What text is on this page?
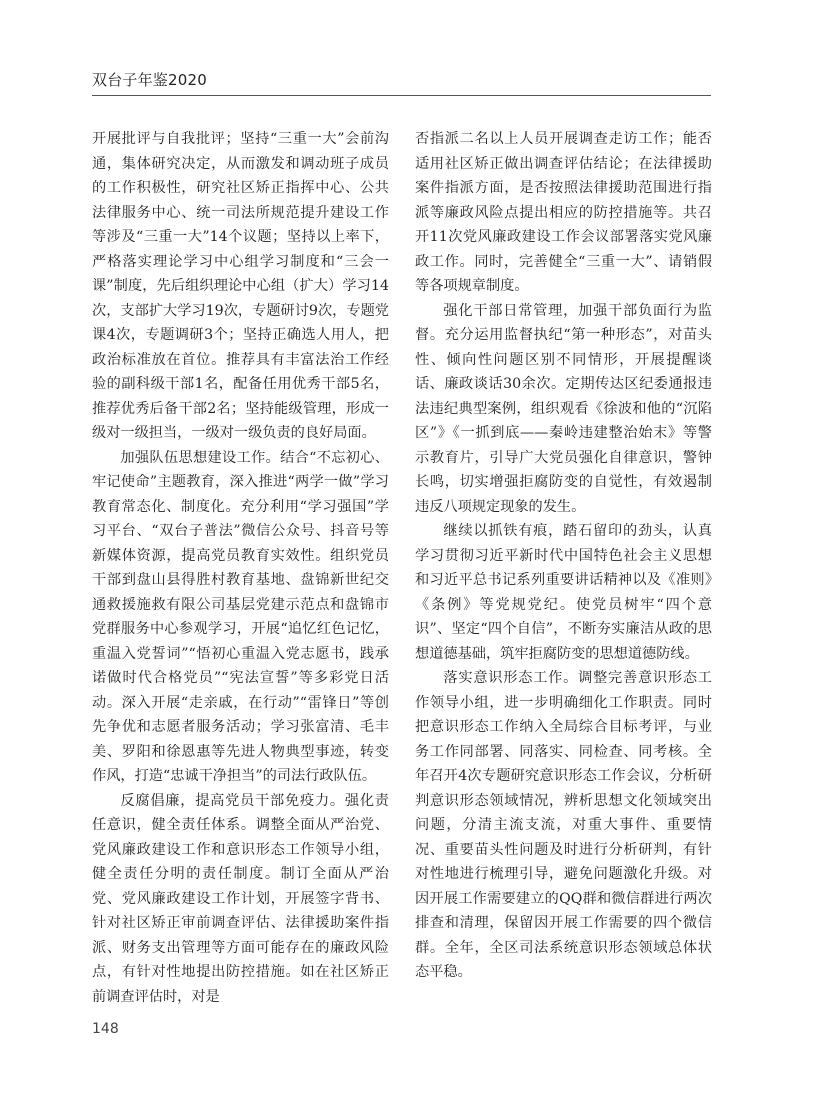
双台子年鉴2020

开展批评与自我批评；坚持“三重一大”会前沟通，集体研究决定，从而激发和调动班子成员的工作积极性，研究社区矫正指挥中心、公共法律服务中心、统一司法所规范提升建设工作等涉及“三重一大”14个议题；坚持以上率下，严格落实理论学习中心组学习制度和“三会一课”制度，先后组织理论中心组（扩大）学习14次，支部扩大学习19次，专题研讨9次，专题党课4次，专题调研3个；坚持正确选人用人，把政治标准放在首位。推荐具有丰富法治工作经验的副科级干部1名，配备任用优秀干部5名，推荐优秀后备干部2名；坚持能级管理，形成一级对一级担当，一级对一级负责的良好局面。

加强队伍思想建设工作。结合“不忘初心、牢记使命”主题教育，深入推进“两学一做”学习教育常态化、制度化。充分利用“学习强国”学习平台、“双台子普法”微信公众号、抖音号等新媒体资源，提高党员教育实效性。组织党员干部到盘山县得胜村教育基地、盘锦新世纪交通救援施救有限公司基层党建示范点和盘锦市党群服务中心参观学习，开展“追忆红色记忆，重温入党誓词”“悟初心重温入党志愿书，践承诺做时代合格党员”“宪法宣誓”等多彩党日活动。深入开展“走亲戚，在行动”“雷锋日”等创先争优和志愿者服务活动；学习张富清、毛丰美、罗阳和徐恩惠等先进人物典型事迹，转变作风，打造“忠诚干净担当”的司法行政队伍。

反腐倡廉，提高党员干部免疫力。强化责任意识，健全责任体系。调整全面从严治党、党风廉政建设工作和意识形态工作领导小组，健全责任分明的责任制度。制订全面从严治党、党风廉政建设工作计划，开展签字背书、针对社区矫正审前调查评估、法律援助案件指派、财务支出管理等方面可能存在的廉政风险点，有针对性地提出防控措施。如在社区矫正前调查评估时，对是

否指派二名以上人员开展调查走访工作；能否适用社区矫正做出调查评估结论；在法律援助案件指派方面，是否按照法律援助范围进行指派等廉政风险点提出相应的防控措施等。共召开11次党风廉政建设工作会议部署落实党风廉政工作。同时，完善健全“三重一大”、请销假等各项规章制度。

强化干部日常管理，加强干部负面行为监督。充分运用监督执纪“第一种形态”，对苗头性、倾向性问题区别不同情形，开展提醒谈话、廉政谈话30余次。定期传达区纪委通报违法违纪典型案例，组织观看《徐波和他的“沉陷区”》《一抓到底——秦岭违建整治始末》等警示教育片，引导广大党员强化自律意识，警钟长鸣，切实增强拒腐防变的自觉性，有效遏制违反八项规定现象的发生。

继续以抓铁有痕，踏石留印的劲头，认真学习贯彻习近平新时代中国特色社会主义思想和习近平总书记系列重要讲话精神以及《准则》《条例》等党规党纪。使党员树牢“四个意识”、坚定“四个自信”，不断夯实廉洁从政的思想道德基础，筑牢拒腐防变的思想道德防线。

落实意识形态工作。调整完善意识形态工作领导小组，进一步明确细化工作职责。同时把意识形态工作纳入全局综合目标考评，与业务工作同部署、同落实、同检查、同考核。全年召开4次专题研究意识形态工作会议，分析研判意识形态领域情况，辨析思想文化领域突出问题，分清主流支流，对重大事件、重要情况、重要苗头性问题及时进行分析研判，有针对性地进行梳理引导，避免问题激化升级。对因开展工作需要建立的QQ群和微信群进行两次排查和清理，保留因开展工作需要的四个微信群。全年，全区司法系统意识形态领域总体状态平稳。

148
